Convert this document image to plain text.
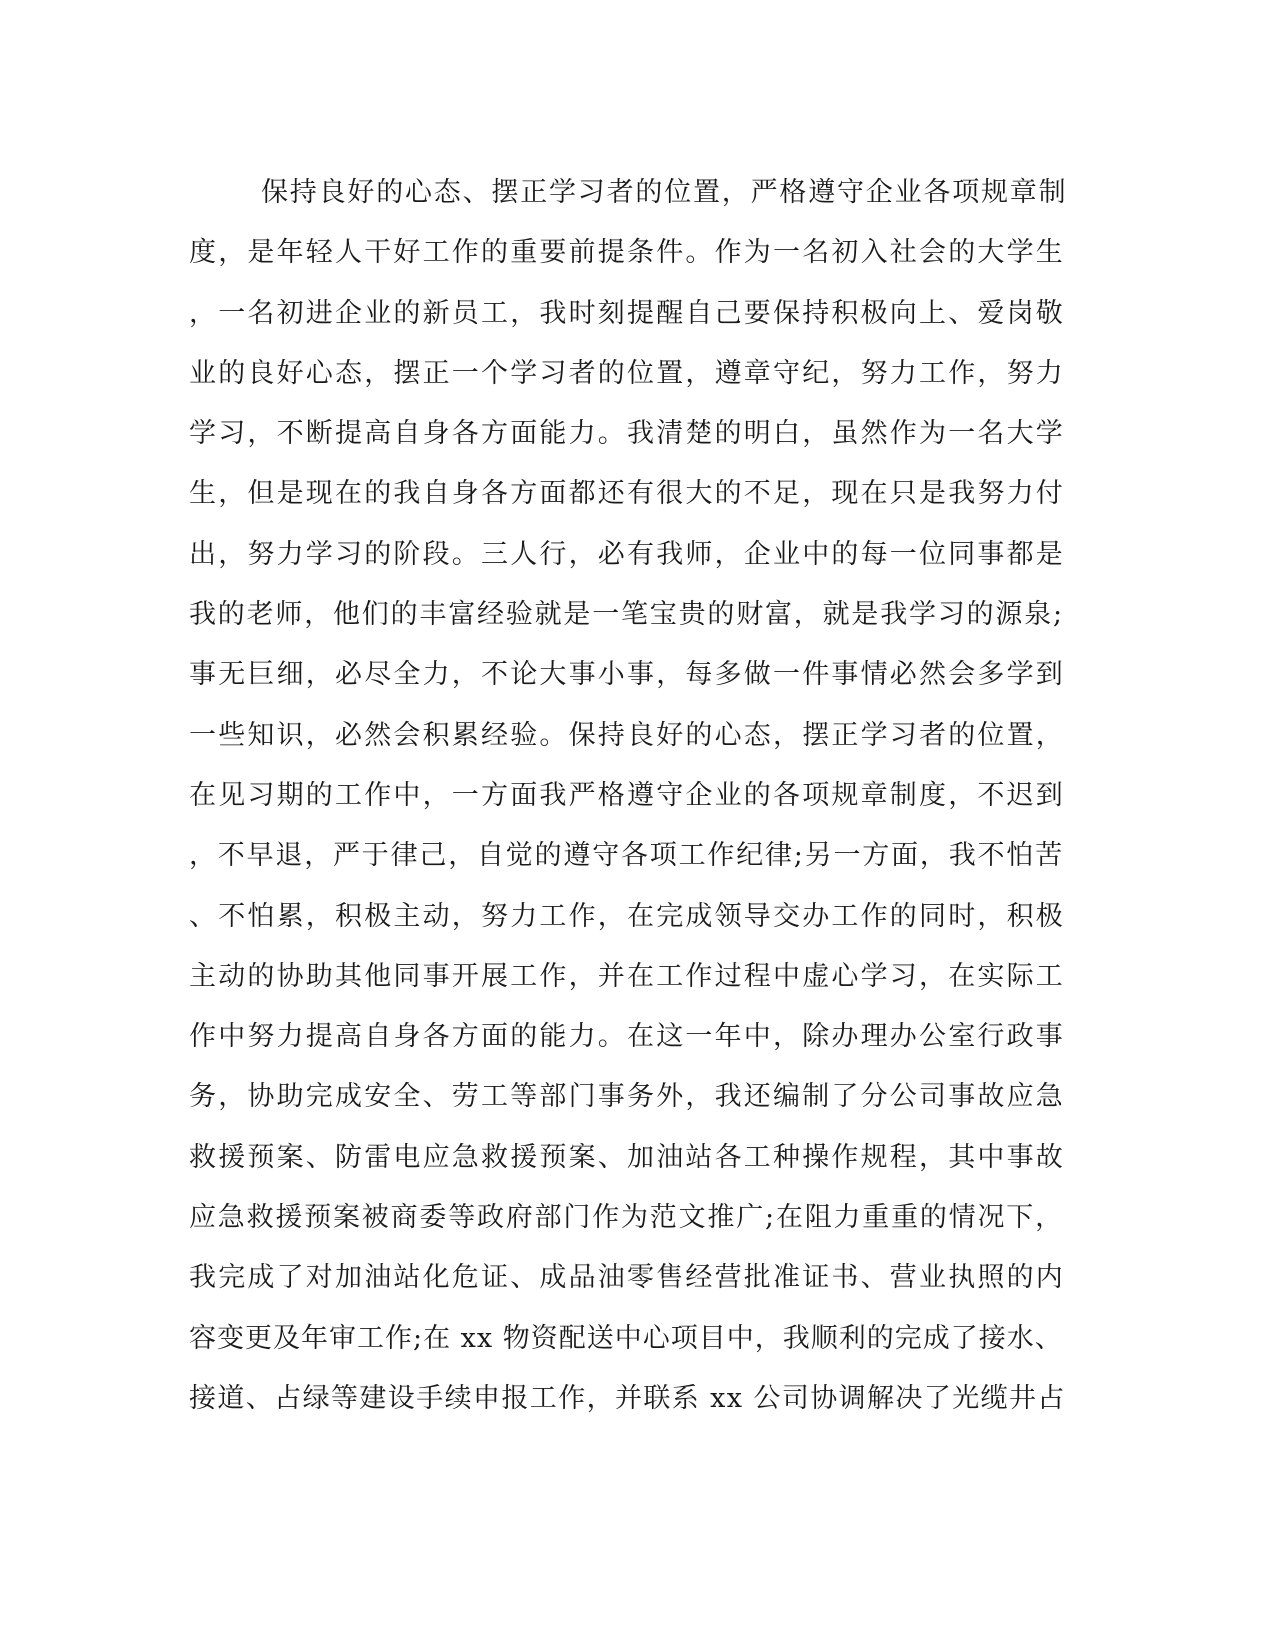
保持良好的心态、摆正学习者的位置，严格遵守企业各项规章制
度，是年轻人干好工作的重要前提条件。作为一名初入社会的大学生
，一名初进企业的新员工，我时刻提醒自己要保持积极向上、爱岗敬
业的良好心态，摆正一个学习者的位置，遵章守纪，努力工作，努力
学习，不断提高自身各方面能力。我清楚的明白，虽然作为一名大学
生，但是现在的我自身各方面都还有很大的不足，现在只是我努力付
出，努力学习的阶段。三人行，必有我师，企业中的每一位同事都是
我的老师，他们的丰富经验就是一笔宝贵的财富，就是我学习的源泉;
事无巨细，必尽全力，不论大事小事，每多做一件事情必然会多学到
一些知识，必然会积累经验。保持良好的心态，摆正学习者的位置，
在见习期的工作中，一方面我严格遵守企业的各项规章制度，不迟到
，不早退，严于律己，自觉的遵守各项工作纪律;另一方面，我不怕苦
、不怕累，积极主动，努力工作，在完成领导交办工作的同时，积极
主动的协助其他同事开展工作，并在工作过程中虚心学习，在实际工
作中努力提高自身各方面的能力。在这一年中，除办理办公室行政事
务，协助完成安全、劳工等部门事务外，我还编制了分公司事故应急
救援预案、防雷电应急救援预案、加油站各工种操作规程，其中事故
应急救援预案被商委等政府部门作为范文推广;在阻力重重的情况下，
我完成了对加油站化危证、成品油零售经营批准证书、营业执照的内
容变更及年审工作;在 xx 物资配送中心项目中，我顺利的完成了接水、
接道、占绿等建设手续申报工作，并联系 xx 公司协调解决了光缆井占
